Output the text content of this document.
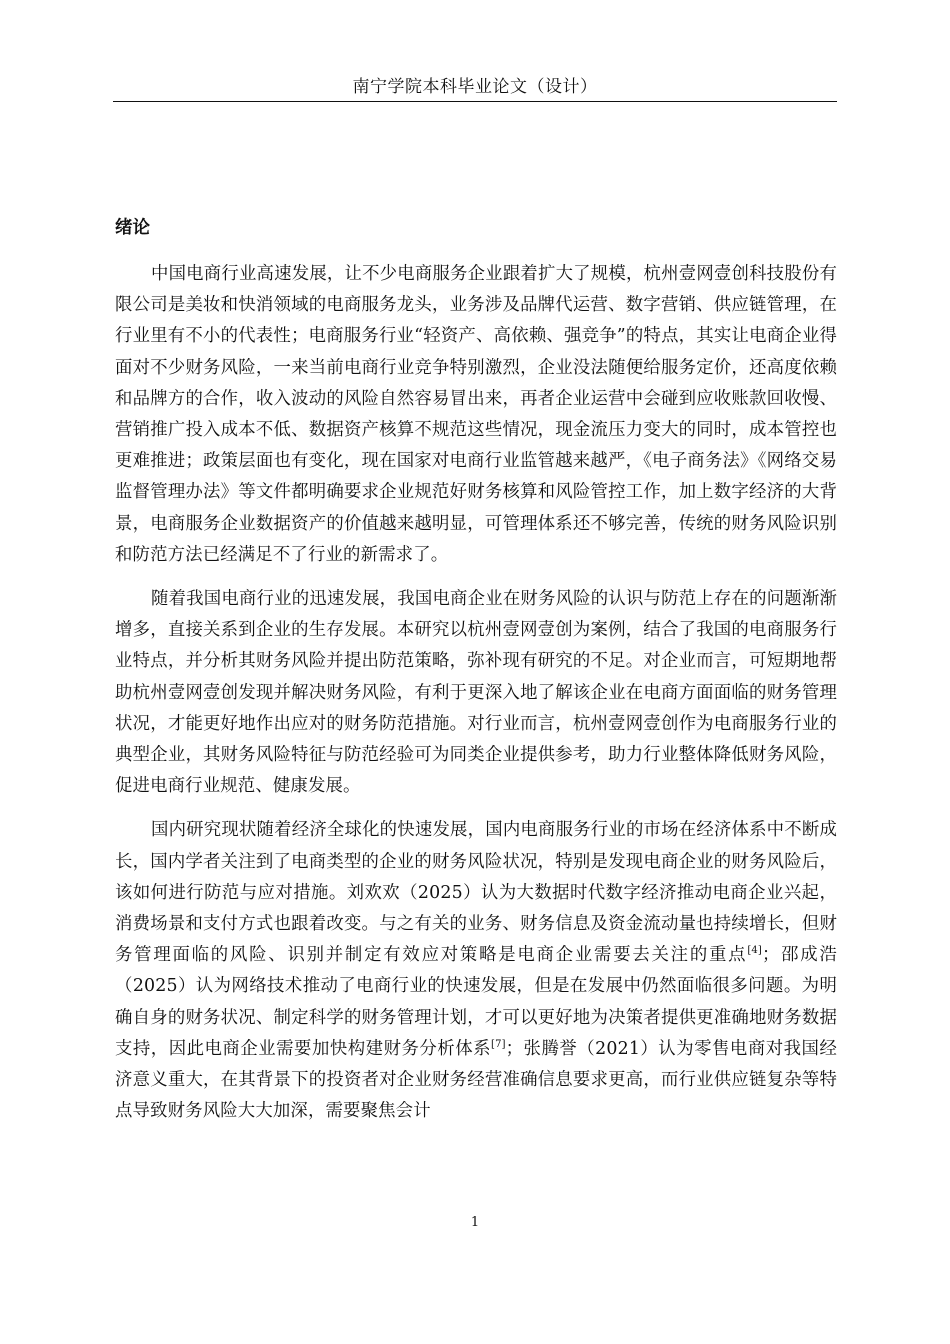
南宁学院本科毕业论文（设计）
绪论

中国电商行业高速发展，让不少电商服务企业跟着扩大了规模，杭州壹网壹创科技股份有限公司是美妆和快消领域的电商服务龙头，业务涉及品牌代运营、数字营销、供应链管理，在行业里有不小的代表性；电商服务行业“轻资产、高依赖、强竞争”的特点，其实让电商企业得面对不少财务风险，一来当前电商行业竞争特别激烈，企业没法随便给服务定价，还高度依赖和品牌方的合作，收入波动的风险自然容易冒出来，再者企业运营中会碰到应收账款回收慢、营销推广投入成本不低、数据资产核算不规范这些情况，现金流压力变大的同时，成本管控也更难推进；政策层面也有变化，现在国家对电商行业监管越来越严，《电子商务法》《网络交易监督管理办法》等文件都明确要求企业规范好财务核算和风险管控工作，加上数字经济的大背景，电商服务企业数据资产的价值越来越明显，可管理体系还不够完善，传统的财务风险识别和防范方法已经满足不了行业的新需求了。

随着我国电商行业的迅速发展，我国电商企业在财务风险的认识与防范上存在的问题渐渐增多，直接关系到企业的生存发展。本研究以杭州壹网壹创为案例，结合了我国的电商服务行业特点，并分析其财务风险并提出防范策略，弥补现有研究的不足。对企业而言，可短期地帮助杭州壹网壹创发现并解决财务风险，有利于更深入地了解该企业在电商方面面临的财务管理状况，才能更好地作出应对的财务防范措施。对行业而言，杭州壹网壹创作为电商服务行业的典型企业，其财务风险特征与防范经验可为同类企业提供参考，助力行业整体降低财务风险，促进电商行业规范、健康发展。

国内研究现状随着经济全球化的快速发展，国内电商服务行业的市场在经济体系中不断成长，国内学者关注到了电商类型的企业的财务风险状况，特别是发现电商企业的财务风险后，该如何进行防范与应对措施。刘欢欢（2025）认为大数据时代数字经济推动电商企业兴起，消费场景和支付方式也跟着改变。与之有关的业务、财务信息及资金流动量也持续增长，但财务管理面临的风险、识别并制定有效应对策略是电商企业需要去关注的重点[4]；邵成浩（2025）认为网络技术推动了电商行业的快速发展，但是在发展中仍然面临很多问题。为明确自身的财务状况、制定科学的财务管理计划，才可以更好地为决策者提供更准确地财务数据支持，因此电商企业需要加快构建财务分析体系[7]；张腾誉（2021）认为零售电商对我国经济意义重大，在其背景下的投资者对企业财务经营准确信息要求更高，而行业供应链复杂等特点导致财务风险大大加深，需要聚焦会计

1
